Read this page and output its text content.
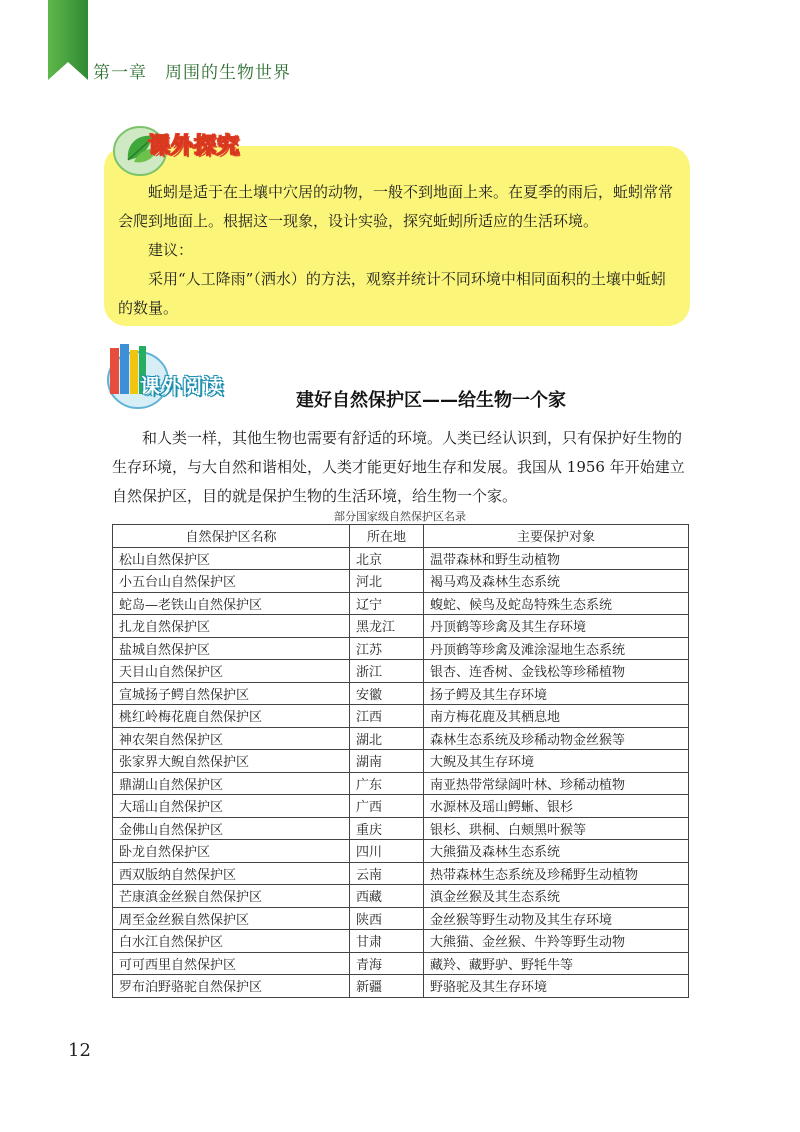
第一章　周围的生物世界
课外探究

蚯蚓是适于在土壤中穴居的动物，一般不到地面上来。在夏季的雨后，蚯蚓常常会爬到地面上。根据这一现象，设计实验，探究蚯蚓所适应的生活环境。

建议：

采用“人工降雨”（洒水）的方法，观察并统计不同环境中相同面积的土壤中蚯蚓的数量。

课外阅读
建好自然保护区——给生物一个家

和人类一样，其他生物也需要有舒适的环境。人类已经认识到，只有保护好生物的生存环境，与大自然和谐相处，人类才能更好地生存和发展。我国从 1956 年开始建立自然保护区，目的就是保护生物的生活环境，给生物一个家。

部分国家级自然保护区名录
自然保护区名称	所在地	主要保护对象
松山自然保护区	北京	温带森林和野生动植物
小五台山自然保护区	河北	褐马鸡及森林生态系统
蛇岛—老铁山自然保护区	辽宁	蝮蛇、候鸟及蛇岛特殊生态系统
扎龙自然保护区	黑龙江	丹顶鹤等珍禽及其生存环境
盐城自然保护区	江苏	丹顶鹤等珍禽及滩涂湿地生态系统
天目山自然保护区	浙江	银杏、连香树、金钱松等珍稀植物
宣城扬子鳄自然保护区	安徽	扬子鳄及其生存环境
桃红岭梅花鹿自然保护区	江西	南方梅花鹿及其栖息地
神农架自然保护区	湖北	森林生态系统及珍稀动物金丝猴等
张家界大鲵自然保护区	湖南	大鲵及其生存环境
鼎湖山自然保护区	广东	南亚热带常绿阔叶林、珍稀动植物
大瑶山自然保护区	广西	水源林及瑶山鳄蜥、银杉
金佛山自然保护区	重庆	银杉、珙桐、白颊黑叶猴等
卧龙自然保护区	四川	大熊猫及森林生态系统
西双版纳自然保护区	云南	热带森林生态系统及珍稀野生动植物
芒康滇金丝猴自然保护区	西藏	滇金丝猴及其生态系统
周至金丝猴自然保护区	陕西	金丝猴等野生动物及其生存环境
白水江自然保护区	甘肃	大熊猫、金丝猴、牛羚等野生动物
可可西里自然保护区	青海	藏羚、藏野驴、野牦牛等
罗布泊野骆驼自然保护区	新疆	野骆驼及其生存环境
12
